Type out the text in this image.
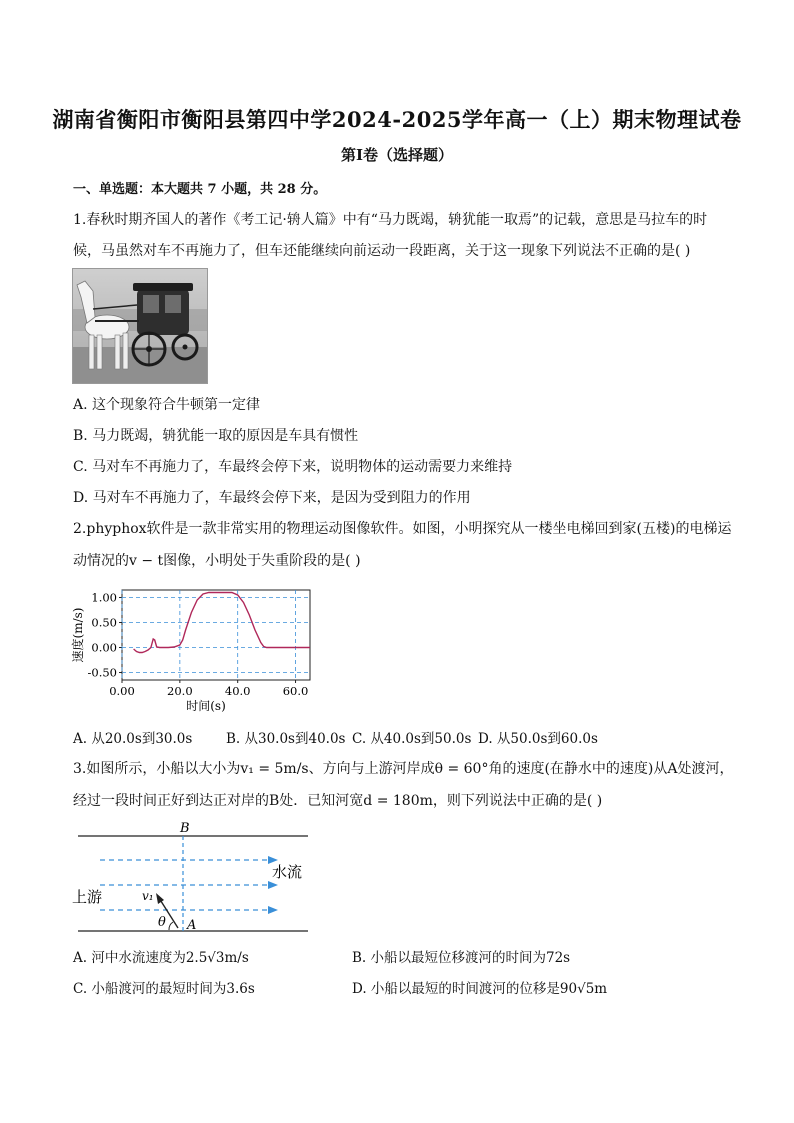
湖南省衡阳市衡阳县第四中学2024-2025学年高一（上）期末物理试卷
第I卷（选择题）
一、单选题：本大题共 7 小题，共 28 分。
1.春秋时期齐国人的著作《考工记·辀人篇》中有“马力既竭，辀犹能一取焉”的记载，意思是马拉车的时
候，马虽然对车不再施力了，但车还能继续向前运动一段距离，关于这一现象下列说法不正确的是( )
A. 这个现象符合牛顿第一定律
B. 马力既竭，辀犹能一取的原因是车具有惯性
C. 马对车不再施力了，车最终会停下来，说明物体的运动需要力来维持
D. 马对车不再施力了，车最终会停下来，是因为受到阻力的作用
2.phyphox软件是一款非常实用的物理运动图像软件。如图，小明探究从一楼坐电梯回到家(五楼)的电梯运
动情况的v − t图像，小明处于失重阶段的是( )
1.00
0.50
0.00
-0.50
0.00	20.0	40.0	60.0
时间(s)
速度(m/s)
A. 从20.0s到30.0s B. 从30.0s到40.0s C. 从40.0s到50.0s D. 从50.0s到60.0s
3.如图所示，小船以大小为v₁ = 5m/s、方向与上游河岸成θ = 60°角的速度(在静水中的速度)从A处渡河，
经过一段时间正好到达正对岸的B处．已知河宽d = 180m，则下列说法中正确的是( )
B
A
θ
v₁
水流
上游
A. 河中水流速度为2.5√3m/s	B. 小船以最短位移渡河的时间为72s
C. 小船渡河的最短时间为3.6s	D. 小船以最短的时间渡河的位移是90√5m
